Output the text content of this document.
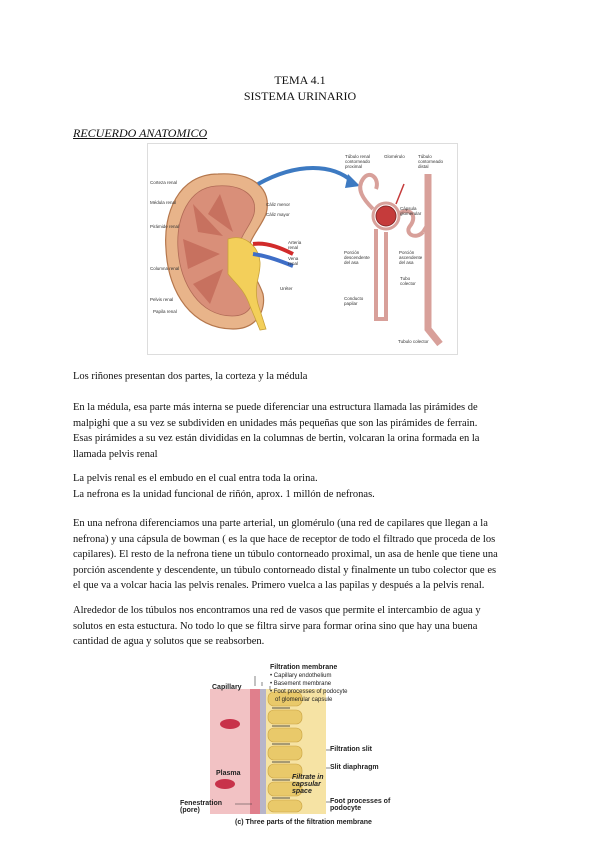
TEMA 4.1
SISTEMA URINARIO
RECUERDO ANATOMICO
Corteza renal
Médula renal
Pirámide renal
Columna renal
Pelvis renal
Papila renal
Cáliz menor
Cáliz mayor
Arteria renal
Vena renal
Uréter
Túbulo renal contorneado proximal
Glomérulo	Túbulo contorneado distal
Cápsula glomerular
Porción descendente del asa
Porción ascendente del asa
Tubo colector
Conducto papilar
Tubulo colector
Los riñones presentan dos partes, la corteza y la médula
En la médula, esa parte más interna se puede diferenciar una estructura llamada las pirámides de
malpighi que a su vez se subdividen en unidades más pequeñas que son las pirámides de ferrain.
Esas pirámides a su vez están divididas en la columnas de bertin, volcaran la orina formada en la
llamada pelvis renal
La pelvis renal es el embudo en el cual entra toda la orina.
La nefrona es la unidad funcional de riñón, aprox. 1 millón de nefronas.
En una nefrona diferenciamos una parte arterial, un glomérulo (una red de capilares que llegan a la
nefrona) y una cápsula de bowman ( es la que hace de receptor de todo el filtrado que proceda de los
capilares). El resto de la nefrona tiene un túbulo contorneado proximal, un asa de henle que tiene una
porción ascendente y descendente, un túbulo contorneado distal y finalmente un tubo colector que es
el que va a volcar hacia las pelvis renales. Primero vuelca a las papilas y después a la pelvis renal.
Alrededor de los túbulos nos encontramos una red de vasos que permite el intercambio de agua y
solutos en esta estuctura. No todo lo que se filtra sirve para formar orina sino que hay una buena
cantidad de agua y solutos que se reabsorben.
Filtration membrane
• Capillary endothelium
• Basement membrane
• Foot processes of podocyte
of glomerular capsule
Capillary
Filtration slit
Slit diaphragm
Plasma
Filtrate in capsular space
Fenestration (pore)
Foot processes of podocyte
(c) Three parts of the filtration membrane
